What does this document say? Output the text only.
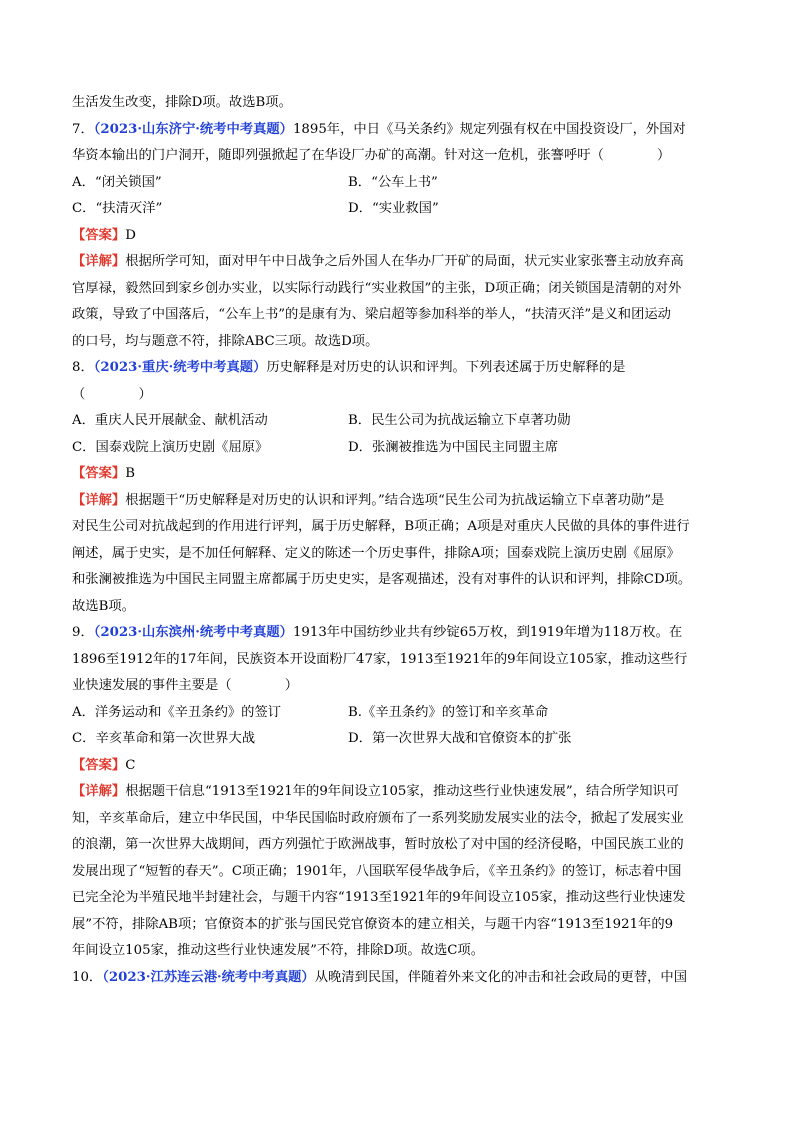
生活发生改变，排除D项。故选B项。
7．（2023·山东济宁·统考中考真题）1895年，中日《马关条约》规定列强有权在中国投资设厂，外国对
华资本输出的门户洞开，随即列强掀起了在华设厂办矿的高潮。针对这一危机，张謇呼吁（　　　　）
A．“闭关锁国”	B．“公车上书”
C．“扶清灭洋”	D．“实业救国”
【答案】D
【详解】根据所学可知，面对甲午中日战争之后外国人在华办厂开矿的局面，状元实业家张謇主动放弃高
官厚禄，毅然回到家乡创办实业，以实际行动践行“实业救国”的主张，D项正确；闭关锁国是清朝的对外
政策，导致了中国落后，“公车上书”的是康有为、梁启超等参加科举的举人，“扶清灭洋”是义和团运动
的口号，均与题意不符，排除ABC三项。故选D项。
8．（2023·重庆·统考中考真题）历史解释是对历史的认识和评判。下列表述属于历史解释的是
（　　　　）
A．重庆人民开展献金、献机活动	B．民生公司为抗战运输立下卓著功勋
C．国泰戏院上演历史剧《屈原》	D．张澜被推选为中国民主同盟主席
【答案】B
【详解】根据题干“历史解释是对历史的认识和评判。”结合选项“民生公司为抗战运输立下卓著功勋”是
对民生公司对抗战起到的作用进行评判，属于历史解释，B项正确；A项是对重庆人民做的具体的事件进行
阐述，属于史实，是不加任何解释、定义的陈述一个历史事件，排除A项；国泰戏院上演历史剧《屈原》
和张澜被推选为中国民主同盟主席都属于历史史实，是客观描述，没有对事件的认识和评判，排除CD项。
故选B项。
9．（2023·山东滨州·统考中考真题）1913年中国纺纱业共有纱锭65万枚，到1919年增为118万枚。在
1896至1912年的17年间，民族资本开设面粉厂47家，1913至1921年的9年间设立105家，推动这些行
业快速发展的事件主要是（　　　　）
A．洋务运动和《辛丑条约》的签订	B.《辛丑条约》的签订和辛亥革命
C．辛亥革命和第一次世界大战	D．第一次世界大战和官僚资本的扩张
【答案】C
【详解】根据题干信息“1913至1921年的9年间设立105家，推动这些行业快速发展”，结合所学知识可
知，辛亥革命后，建立中华民国，中华民国临时政府颁布了一系列奖励发展实业的法令，掀起了发展实业
的浪潮，第一次世界大战期间，西方列强忙于欧洲战事，暂时放松了对中国的经济侵略，中国民族工业的
发展出现了“短暂的春天”。C项正确；1901年，八国联军侵华战争后，《辛丑条约》的签订，标志着中国
已完全沦为半殖民地半封建社会，与题干内容“1913至1921年的9年间设立105家，推动这些行业快速发
展”不符，排除AB项；官僚资本的扩张与国民党官僚资本的建立相关，与题干内容“1913至1921年的9
年间设立105家，推动这些行业快速发展”不符，排除D项。故选C项。
10．（2023·江苏连云港·统考中考真题）从晚清到民国，伴随着外来文化的冲击和社会政局的更替，中国
